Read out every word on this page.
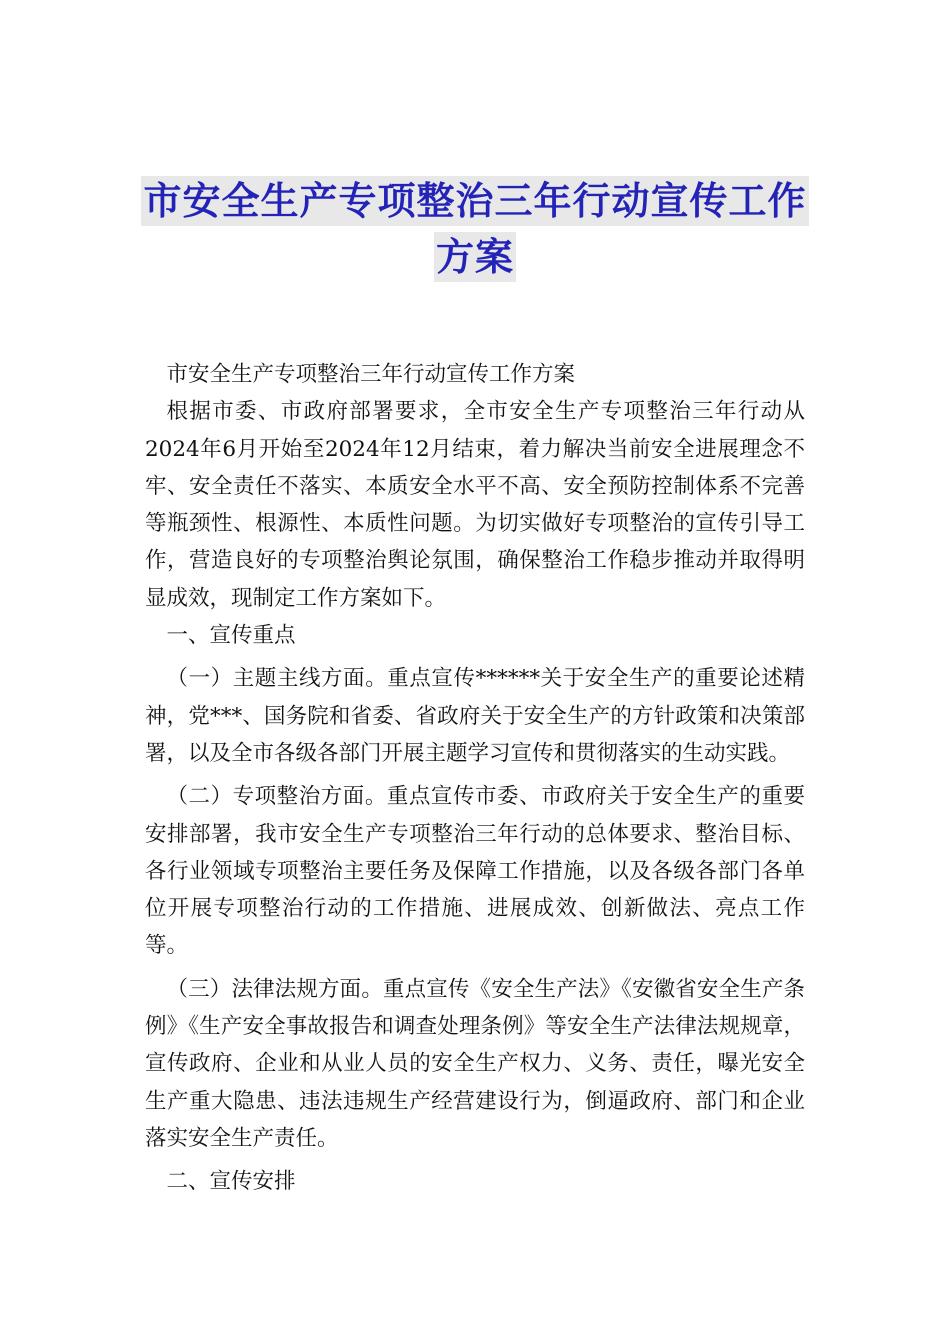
市安全生产专项整治三年行动宣传工作
方案

市安全生产专项整治三年行动宣传工作方案

根据市委、市政府部署要求，全市安全生产专项整治三年行动从2024年6月开始至2024年12月结束，着力解决当前安全进展理念不牢、安全责任不落实、本质安全水平不高、安全预防控制体系不完善等瓶颈性、根源性、本质性问题。为切实做好专项整治的宣传引导工作，营造良好的专项整治舆论氛围，确保整治工作稳步推动并取得明显成效，现制定工作方案如下。

一、宣传重点

（一）主题主线方面。重点宣传******关于安全生产的重要论述精神，党***、国务院和省委、省政府关于安全生产的方针政策和决策部署，以及全市各级各部门开展主题学习宣传和贯彻落实的生动实践。

（二）专项整治方面。重点宣传市委、市政府关于安全生产的重要安排部署，我市安全生产专项整治三年行动的总体要求、整治目标、各行业领域专项整治主要任务及保障工作措施，以及各级各部门各单位开展专项整治行动的工作措施、进展成效、创新做法、亮点工作等。

（三）法律法规方面。重点宣传《安全生产法》《安徽省安全生产条例》《生产安全事故报告和调查处理条例》等安全生产法律法规规章，宣传政府、企业和从业人员的安全生产权力、义务、责任，曝光安全生产重大隐患、违法违规生产经营建设行为，倒逼政府、部门和企业落实安全生产责任。

二、宣传安排
